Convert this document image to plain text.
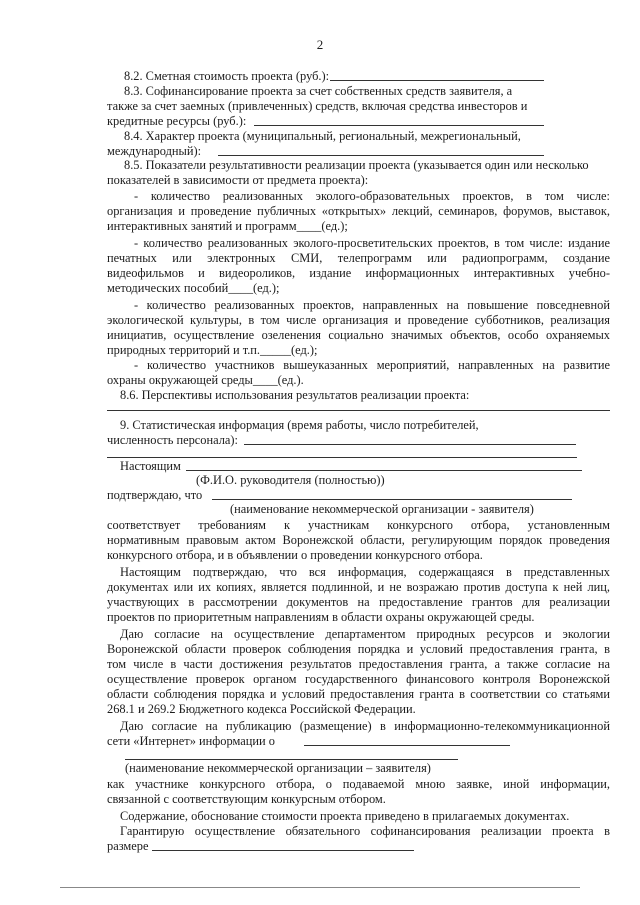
2
8.2. Сметная стоимость проекта (руб.):
8.3. Софинансирование проекта за счет собственных средств заявителя, а
также за счет заемных (привлеченных) средств, включая средства инвесторов и
кредитные ресурсы (руб.):
8.4. Характер проекта (муниципальный, региональный, межрегиональный,
международный):
8.5. Показатели результативности реализации проекта (указывается один или несколько
показателей в зависимости от предмета проекта):
- количество реализованных эколого-образовательных проектов, в том числе:
организация и проведение публичных «открытых» лекций, семинаров, форумов, выставок,
интерактивных занятий и программ____(ед.);
- количество реализованных эколого-просветительских проектов, в том числе: издание
печатных или электронных СМИ, телепрограмм или радиопрограмм, создание
видеофильмов и видеороликов, издание информационных интерактивных учебно-
методических пособий____(ед.);
- количество реализованных проектов, направленных на повышение повседневной
экологической культуры, в том числе организация и проведение субботников, реализация
инициатив, осуществление озеленения социально значимых объектов, особо охраняемых
природных территорий и т.п._____(ед.);
- количество участников вышеуказанных мероприятий, направленных на развитие
охраны окружающей среды____(ед.).
8.6. Перспективы использования результатов реализации проекта:
9. Статистическая информация (время работы, число потребителей,
численность персонала):
Настоящим
(Ф.И.О. руководителя (полностью))
подтверждаю, что
(наименование некоммерческой организации - заявителя)
соответствует требованиям к участникам конкурсного отбора, установленным
нормативным правовым актом Воронежской области, регулирующим порядок проведения
конкурсного отбора, и в объявлении о проведении конкурсного отбора.
Настоящим подтверждаю, что вся информация, содержащаяся в представленных
документах или их копиях, является подлинной, и не возражаю против доступа к ней лиц,
участвующих в рассмотрении документов на предоставление грантов для реализации
проектов по приоритетным направлениям в области охраны окружающей среды.
Даю согласие на осуществление департаментом природных ресурсов и экологии
Воронежской области проверок соблюдения порядка и условий предоставления гранта, в
том числе в части достижения результатов предоставления гранта, а также согласие на
осуществление проверок органом государственного финансового контроля Воронежской
области соблюдения порядка и условий предоставления гранта в соответствии со статьями
268.1 и 269.2 Бюджетного кодекса Российской Федерации.
Даю согласие на публикацию (размещение) в информационно-телекоммуникационной
сети «Интернет» информации о
(наименование некоммерческой организации – заявителя)
как участнике конкурсного отбора, о подаваемой мною заявке, иной информации,
связанной с соответствующим конкурсным отбором.
Содержание, обоснование стоимости проекта приведено в прилагаемых документах.
Гарантирую осуществление обязательного софинансирования реализации проекта в
размере
